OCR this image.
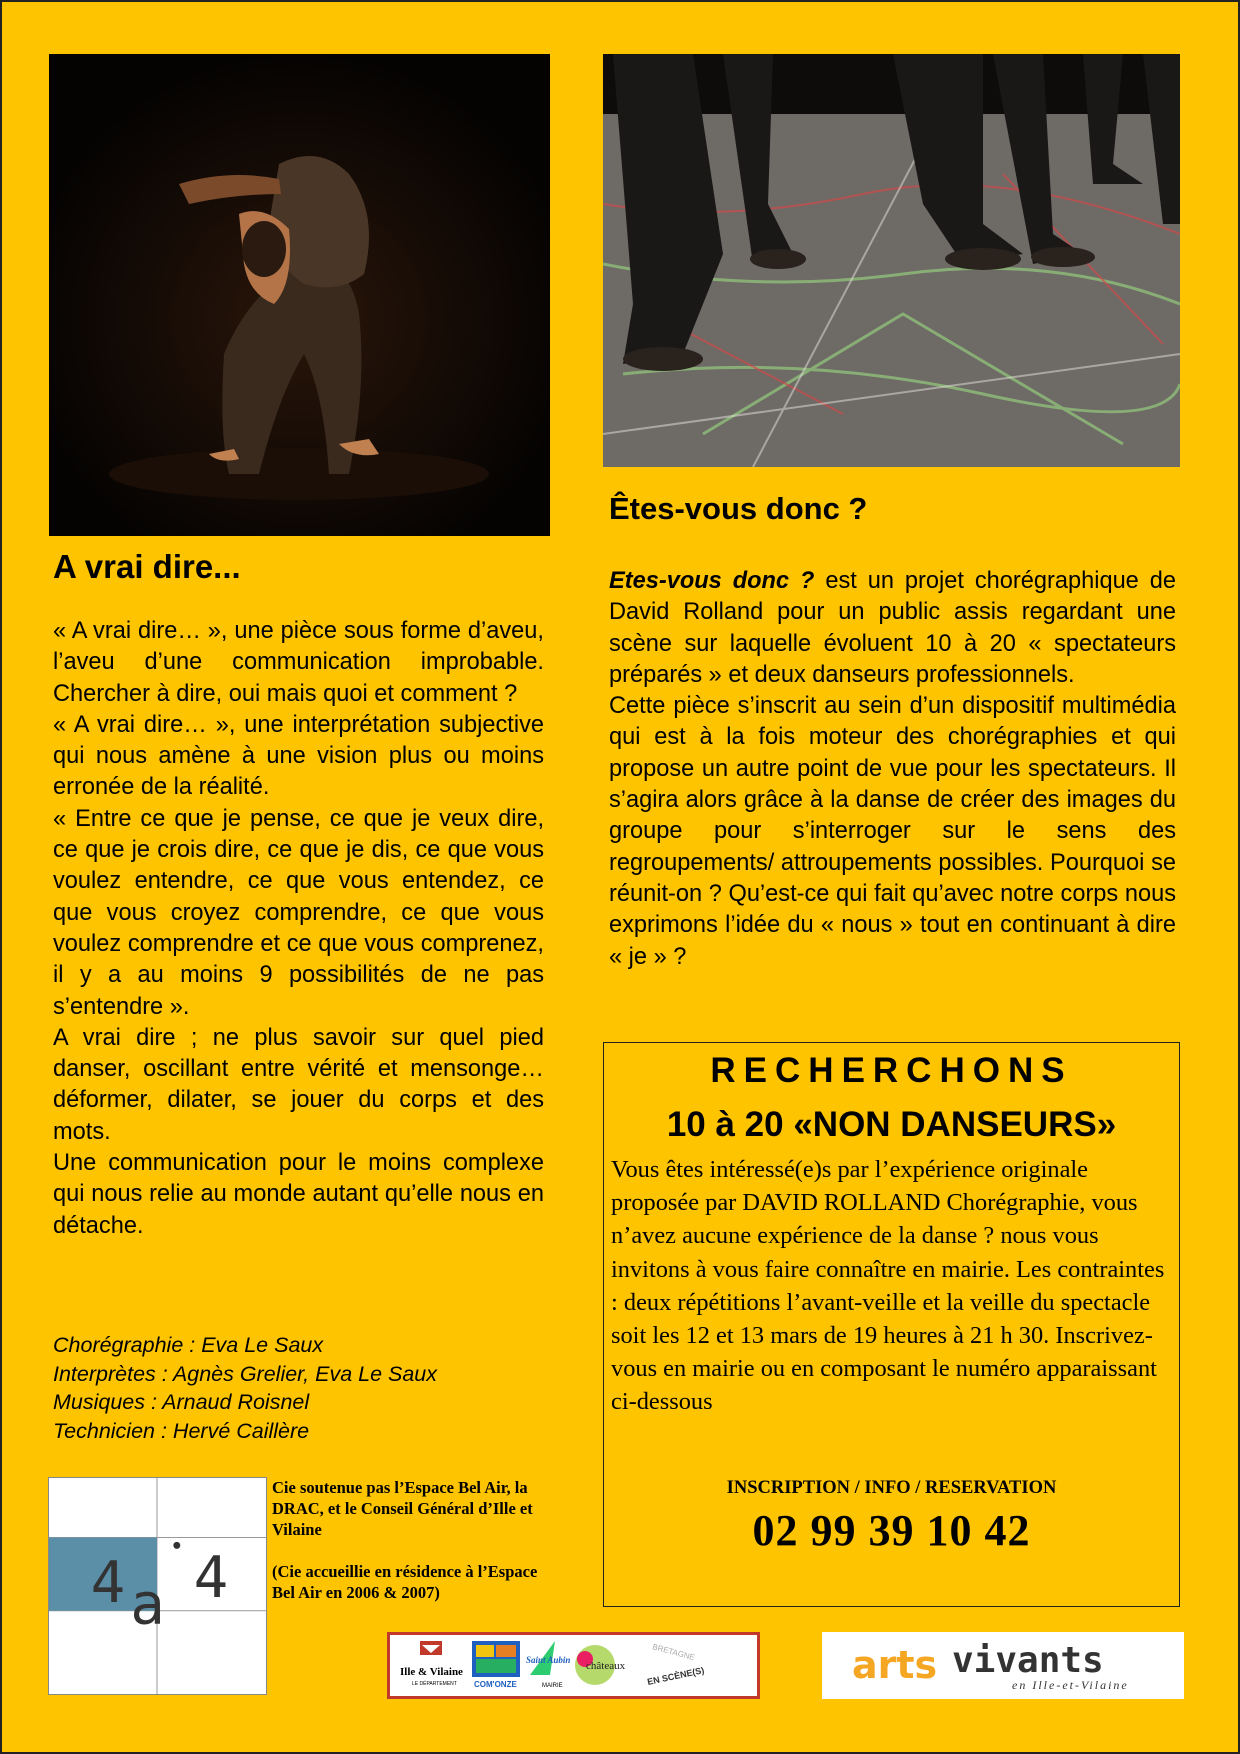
A vrai dire...
Êtes-vous donc ?

« A vrai dire… », une pièce sous forme d’aveu, l’aveu d’une communication improbable. Chercher à dire, oui mais quoi et comment ?

« A vrai dire… », une interprétation subjective qui nous amène à une vision plus ou moins erronée de la réalité.

« Entre ce que je pense, ce que je veux dire, ce que je crois dire, ce que je dis, ce que vous voulez entendre, ce que vous entendez, ce que vous croyez comprendre, ce que vous voulez comprendre et ce que vous comprenez, il y a au moins 9 possibilités de ne pas s’entendre ».

A vrai dire ; ne plus savoir sur quel pied danser, oscillant entre vérité et mensonge…déformer, dilater, se jouer du corps et des mots.

Une communication pour le moins complexe qui nous relie au monde autant qu’elle nous en détache.

Chorégraphie : Eva Le Saux
Interprètes : Agnès Grelier, Eva Le Saux
Musiques : Arnaud Roisnel
Technicien : Hervé Caillère

Etes-vous donc ? est un projet chorégraphique de David Rolland pour un public assis regardant une scène sur laquelle évoluent 10 à 20 « spectateurs préparés » et deux danseurs professionnels.

Cette pièce s’inscrit au sein d’un dispositif multimédia qui est à la fois moteur des chorégraphies et qui propose un autre point de vue pour les spectateurs. Il s’agira alors grâce à la danse de créer des images du groupe pour s’interroger sur le sens des regroupements/ attroupements possibles. Pourquoi se réunit-on ? Qu’est-ce qui fait qu’avec notre corps nous exprimons l’idée du « nous » tout en continuant à dire « je » ?

4 a 4

Cie soutenue pas l’Espace Bel Air, la DRAC, et le Conseil Général d’Ille et Vilaine

(Cie accueillie en résidence à l’Espace Bel Air en 2006 & 2007)

RECHERCHONS
10 à 20 «NON DANSEURS»
Vous êtes intéressé(e)s par l’expérience originale proposée par DAVID ROLLAND Chorégraphie, vous n’avez aucune expérience de la danse ? nous vous invitons à vous faire connaître en mairie. Les contraintes : deux répétitions l’avant-veille et la veille du spectacle soit les 12 et 13 mars de 19 heures à 21 h 30. Inscrivez-vous en mairie ou en composant le numéro apparaissant ci-dessous
INSCRIPTION / INFO / RESERVATION
02 99 39 10 42
Ille & Vilaine
LE DÉPARTEMENT COM'ONZE
Saint Aubin
MAIRIE
châteaux
BRETAGNE
EN SCÈNE(S)	arts vivants
en Ille-et-Vilaine
